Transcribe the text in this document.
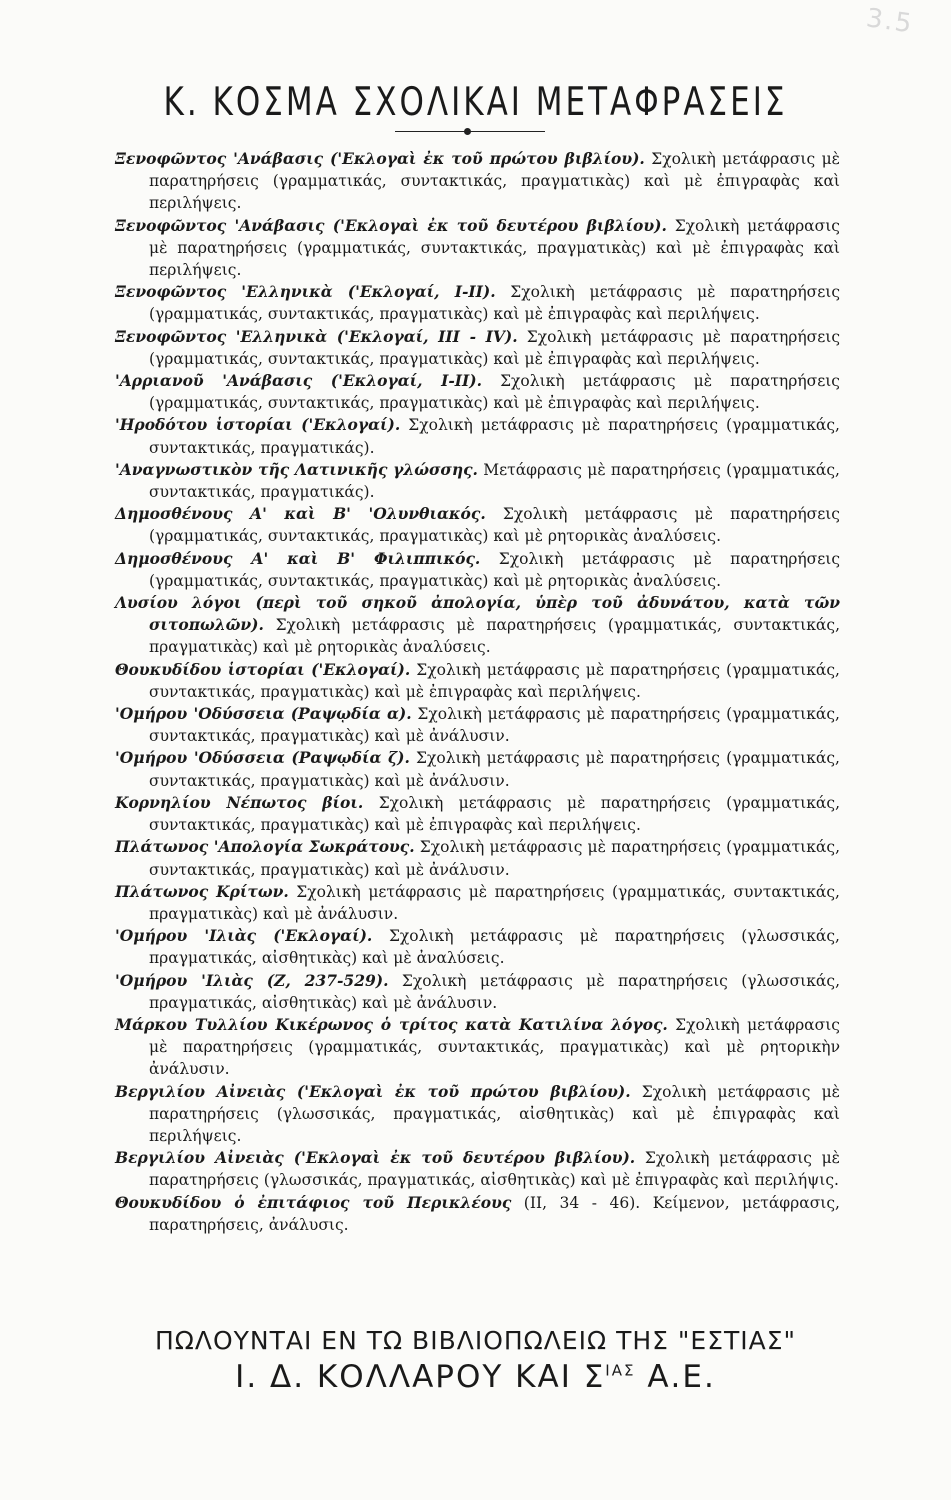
3.5
Κ. ΚΟΣΜΑ ΣΧΟΛΙΚΑΙ ΜΕΤΑΦΡΑΣΕΙΣ
Ξενοφῶντος 'Ανάβασις ('Εκλογαὶ ἐκ τοῦ πρώτου βιβλίου). Σχολικὴ μετάφρασις μὲ παρατηρήσεις (γραμματικάς, συντακτικάς, πραγματικὰς) καὶ μὲ ἐπιγραφὰς καὶ περιλήψεις.
Ξενοφῶντος 'Ανάβασις ('Εκλογαὶ ἐκ τοῦ δευτέρου βιβλίου). Σχολικὴ μετάφρασις μὲ παρατηρήσεις (γραμματικάς, συντακτικάς, πραγματικὰς) καὶ μὲ ἐπιγραφὰς καὶ περιλήψεις.
Ξενοφῶντος 'Ελληνικὰ ('Εκλογαί, I-II). Σχολικὴ μετάφρασις μὲ παρατηρήσεις (γραμματικάς, συντακτικάς, πραγματικὰς) καὶ μὲ ἐπιγραφὰς καὶ περιλήψεις.
Ξενοφῶντος 'Ελληνικὰ ('Εκλογαί, III - IV). Σχολικὴ μετάφρασις μὲ παρατηρήσεις (γραμματικάς, συντακτικάς, πραγματικὰς) καὶ μὲ ἐπιγραφὰς καὶ περιλήψεις.
'Αρριανοῦ 'Ανάβασις ('Εκλογαί, I-II). Σχολικὴ μετάφρασις μὲ παρατηρήσεις (γραμματικάς, συντακτικάς, πραγματικὰς) καὶ μὲ ἐπιγραφὰς καὶ περιλήψεις.
'Ηροδότου ἱστορίαι ('Εκλογαί). Σχολικὴ μετάφρασις μὲ παρατηρήσεις (γραμματικάς, συντακτικάς, πραγματικάς).
'Αναγνωστικὸν τῆς Λατινικῆς γλώσσης. Μετάφρασις μὲ παρατηρήσεις (γραμματικάς, συντακτικάς, πραγματικάς).
Δημοσθένους Α' καὶ Β' 'Ολυνθιακός. Σχολικὴ μετάφρασις μὲ παρατηρήσεις (γραμματικάς, συντακτικάς, πραγματικὰς) καὶ μὲ ρητορικὰς ἀναλύσεις.
Δημοσθένους Α' καὶ Β' Φιλιππικός. Σχολικὴ μετάφρασις μὲ παρατηρήσεις (γραμματικάς, συντακτικάς, πραγματικὰς) καὶ μὲ ρητορικὰς ἀναλύσεις.
Λυσίου λόγοι (περὶ τοῦ σηκοῦ ἀπολογία, ὑπὲρ τοῦ ἀδυνάτου, κατὰ τῶν σιτοπωλῶν). Σχολικὴ μετάφρασις μὲ παρατηρήσεις (γραμματικάς, συντακτικάς, πραγματικὰς) καὶ μὲ ρητορικὰς ἀναλύσεις.
Θουκυδίδου ἱστορίαι ('Εκλογαί). Σχολικὴ μετάφρασις μὲ παρατηρήσεις (γραμματικάς, συντακτικάς, πραγματικὰς) καὶ μὲ ἐπιγραφὰς καὶ περιλήψεις.
'Ομήρου 'Οδύσσεια (Ραψῳδία α). Σχολικὴ μετάφρασις μὲ παρατηρήσεις (γραμματικάς, συντακτικάς, πραγματικὰς) καὶ μὲ ἀνάλυσιν.
'Ομήρου 'Οδύσσεια (Ραψῳδία ζ). Σχολικὴ μετάφρασις μὲ παρατηρήσεις (γραμματικάς, συντακτικάς, πραγματικὰς) καὶ μὲ ἀνάλυσιν.
Κορνηλίου Νέπωτος βίοι. Σχολικὴ μετάφρασις μὲ παρατηρήσεις (γραμματικάς, συντακτικάς, πραγματικὰς) καὶ μὲ ἐπιγραφὰς καὶ περιλήψεις.
Πλάτωνος 'Απολογία Σωκράτους. Σχολικὴ μετάφρασις μὲ παρατηρήσεις (γραμματικάς, συντακτικάς, πραγματικὰς) καὶ μὲ ἀνάλυσιν.
Πλάτωνος Κρίτων. Σχολικὴ μετάφρασις μὲ παρατηρήσεις (γραμματικάς, συντακτικάς, πραγματικὰς) καὶ μὲ ἀνάλυσιν.
'Ομήρου 'Ιλιὰς ('Εκλογαί). Σχολικὴ μετάφρασις μὲ παρατηρήσεις (γλωσσικάς, πραγματικάς, αἰσθητικὰς) καὶ μὲ ἀναλύσεις.
'Ομήρου 'Ιλιὰς (Ζ, 237-529). Σχολικὴ μετάφρασις μὲ παρατηρήσεις (γλωσσικάς, πραγματικάς, αἰσθητικὰς) καὶ μὲ ἀνάλυσιν.
Μάρκου Τυλλίου Κικέρωνος ὁ τρίτος κατὰ Κατιλίνα λόγος. Σχολικὴ μετάφρασις μὲ παρατηρήσεις (γραμματικάς, συντακτικάς, πραγματικὰς) καὶ μὲ ρητορικὴν ἀνάλυσιν.
Βεργιλίου Αἰνειὰς ('Εκλογαὶ ἐκ τοῦ πρώτου βιβλίου). Σχολικὴ μετάφρασις μὲ παρατηρήσεις (γλωσσικάς, πραγματικάς, αἰσθητικὰς) καὶ μὲ ἐπιγραφὰς καὶ περιλήψεις.
Βεργιλίου Αἰνειὰς ('Εκλογαὶ ἐκ τοῦ δευτέρου βιβλίου). Σχολικὴ μετάφρασις μὲ παρατηρήσεις (γλωσσικάς, πραγματικάς, αἰσθητικὰς) καὶ μὲ ἐπιγραφὰς καὶ περιλήψις.
Θουκυδίδου ὁ ἐπιτάφιος τοῦ Περικλέους (II, 34 - 46). Κείμενον, μετάφρασις, παρατηρήσεις, ἀνάλυσις.
ΠΩΛΟΥΝΤΑΙ ΕΝ ΤΩ ΒΙΒΛΙΟΠΩΛΕΙΩ ΤΗΣ "ΕΣΤΙΑΣ"
Ι. Δ. ΚΟΛΛΑΡΟΥ ΚΑΙ $\Sigma^{IA\Sigma}$ Α.Ε.
